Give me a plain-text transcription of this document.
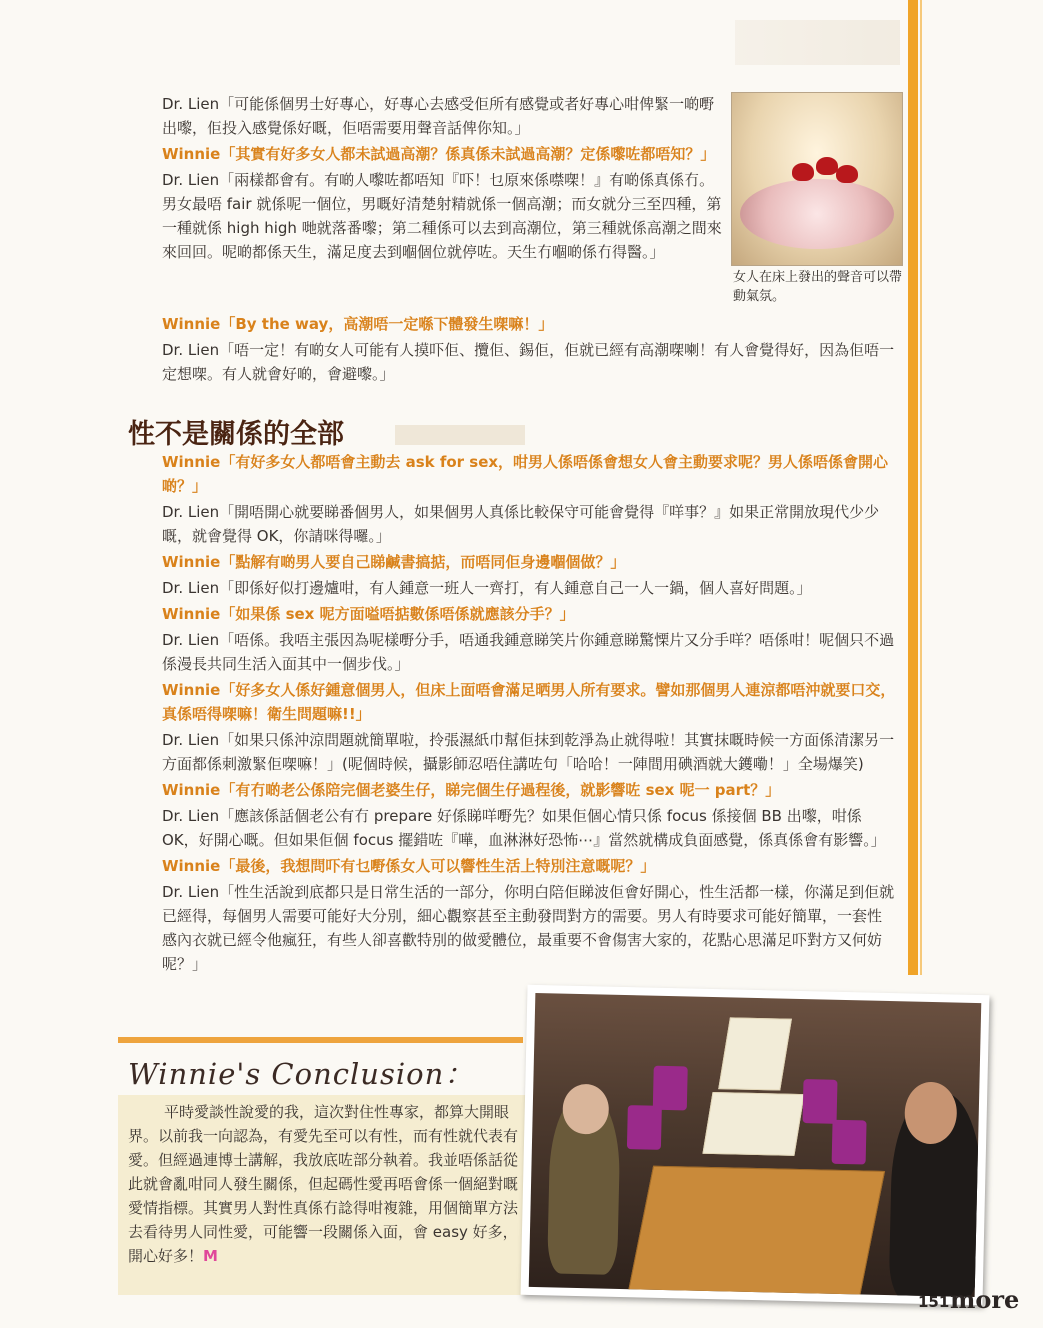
女人在床上發出的聲音可以帶動氣氛。

Dr. Lien「可能係個男士好專心，好專心去感受佢所有感覺或者好專心咁俾緊一啲嘢出嚟，佢投入感覺係好嘅，佢唔需要用聲音話俾你知。」

Winnie「其實有好多女人都未試過高潮？係真係未試過高潮？定係嚟咗都唔知？」

Dr. Lien「兩樣都會有。有啲人嚟咗都唔知『吓！乜原來係噤㗎！』有啲係真係冇。男女最唔 fair 就係呢一個位，男嘅好清楚射精就係一個高潮；而女就分三至四種，第一種就係 high high 哋就落番嚟；第二種係可以去到高潮位，第三種就係高潮之間來來回回。呢啲都係天生，滿足度去到嗰個位就停咗。天生冇嗰啲係冇得醫。」

Winnie「By the way，高潮唔一定喺下體發生㗎嘛！」

Dr. Lien「唔一定！有啲女人可能有人摸吓佢、攬佢、錫佢，佢就已經有高潮㗎喇！有人會覺得好，因為佢唔一定想㗎。有人就會好啲，會避嚟。」

性不是關係的全部

Winnie「有好多女人都唔會主動去 ask for sex，咁男人係唔係會想女人會主動要求呢？男人係唔係會開心啲？」

Dr. Lien「開唔開心就要睇番個男人，如果個男人真係比較保守可能會覺得『咩事？』如果正常開放現代少少嘅，就會覺得 OK，你請咪得囉。」

Winnie「點解有啲男人要自己睇鹹書搞掂，而唔同佢身邊嗰個做？」

Dr. Lien「即係好似打邊爐咁，有人鍾意一班人一齊打，有人鍾意自己一人一鍋，個人喜好問題。」

Winnie「如果係 sex 呢方面嗌唔掂數係唔係就應該分手？」

Dr. Lien「唔係。我唔主張因為呢樣嘢分手，唔通我鍾意睇笑片你鍾意睇驚慄片又分手咩？唔係咁！呢個只不過係漫長共同生活入面其中一個步伐。」

Winnie「好多女人係好鍾意個男人，但床上面唔會滿足晒男人所有要求。譬如那個男人連涼都唔沖就要口交，真係唔得㗎嘛！衛生問題嘛!!」

Dr. Lien「如果只係沖涼問題就簡單啦，拎張濕紙巾幫佢抹到乾淨為止就得啦！其實抹嘅時候一方面係清潔另一方面都係刺激緊佢㗎嘛！」(呢個時候，攝影師忍唔住講咗句「哈哈！一陣間用碘酒就大鑊嘞！」全場爆笑)

Winnie「有冇啲老公係陪完個老婆生仔，睇完個生仔過程後，就影響咗 sex 呢一 part？」

Dr. Lien「應該係話個老公有冇 prepare 好係睇咩嘢先？如果佢個心情只係 focus 係接個 BB 出嚟，咁係 OK，好開心嘅。但如果佢個 focus 擺錯咗『嘩，血淋淋好恐怖⋯』當然就構成負面感覺，係真係會有影響。」

Winnie「最後，我想問吓有乜嘢係女人可以響性生活上特別注意嘅呢？」

Dr. Lien「性生活說到底都只是日常生活的一部分，你明白陪佢睇波佢會好開心，性生活都一樣，你滿足到佢就已經得，每個男人需要可能好大分別，細心觀察甚至主動發問對方的需要。男人有時要求可能好簡單，一套性感內衣就已經令他瘋狂，有些人卻喜歡特別的做愛體位，最重要不會傷害大家的，花點心思滿足吓對方又何妨呢？」

Winnie's Conclusion：

平時愛談性說愛的我，這次對住性專家，都算大開眼界。以前我一向認為，有愛先至可以有性，而有性就代表有愛。但經過連博士講解，我放底咗部分執着。我並唔係話從此就會亂咁同人發生關係，但起碼性愛再唔會係一個絕對嘅愛情指標。其實男人對性真係冇諗得咁複雜，用個簡單方法去看待男人同性愛，可能響一段關係入面，會 easy 好多，開心好多！M

151 more
